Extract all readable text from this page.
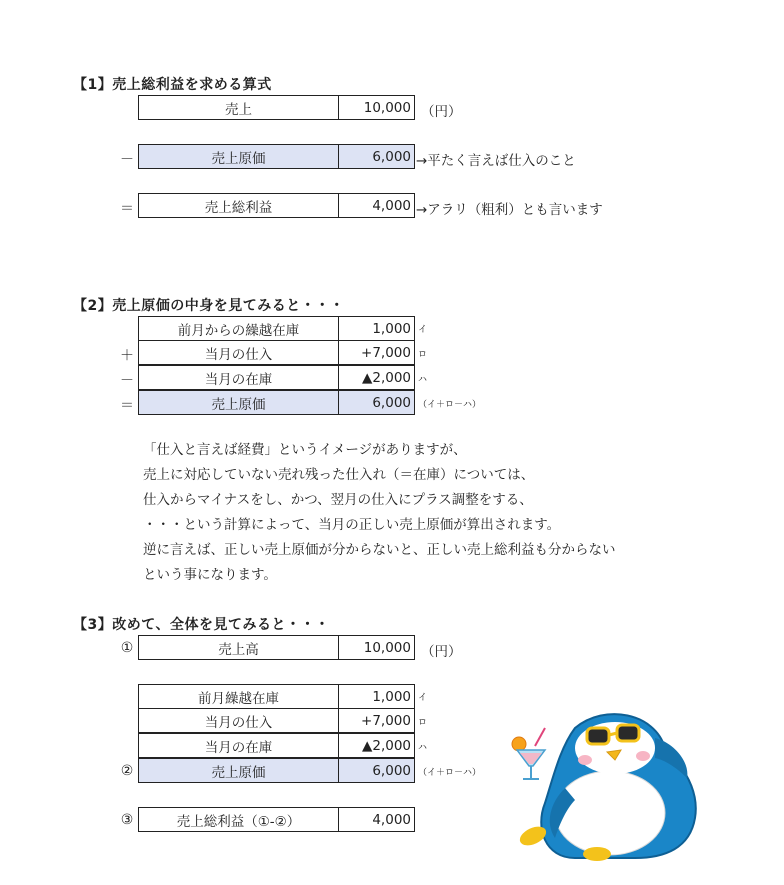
【1】売上総利益を求める算式
売上	10,000 （円）
－	売上原価	6,000 →平たく言えば仕入のこと
＝	売上総利益	4,000 →アラリ（粗利）とも言います
【2】売上原価の中身を見てみると・・・
前月からの繰越在庫	1,000 イ
＋	当月の仕入	+7,000 ロ
－	当月の在庫	▲2,000 ハ
＝	売上原価	6,000 （イ＋ロ－ハ）
「仕入と言えば経費」というイメージがありますが、
売上に対応していない売れ残った仕入れ（＝在庫）については、
仕入からマイナスをし、かつ、翌月の仕入にプラス調整をする、
・・・という計算によって、当月の正しい売上原価が算出されます。
逆に言えば、正しい売上原価が分からないと、正しい売上総利益も分からない
という事になります。
【3】改めて、全体を見てみると・・・
①	売上高	10,000 （円）
前月繰越在庫	1,000 イ
当月の仕入	+7,000 ロ
当月の在庫	▲2,000 ハ
②	売上原価	6,000 （イ＋ロ－ハ）
③	売上総利益（①-②）	4,000
